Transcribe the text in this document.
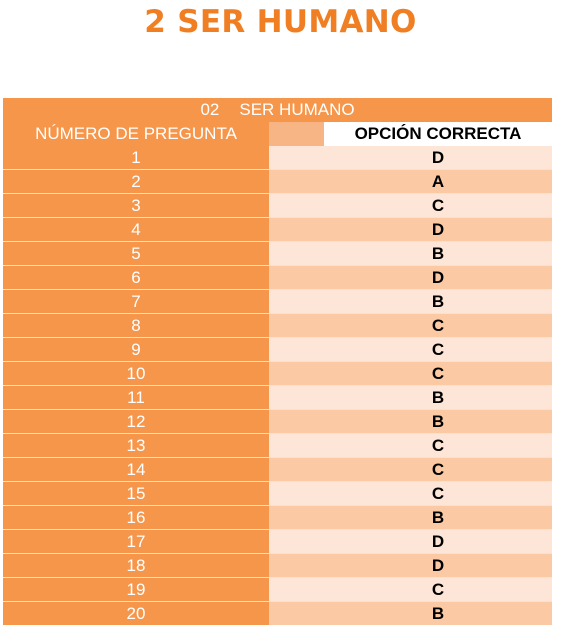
2 SER HUMANO
02 SER HUMANO		
NÚMERO DE PREGUNTA		OPCIÓN CORRECTA
1		D
2		A
3		C
4		D
5		B
6		D
7		B
8		C
9		C
10		C
11		B
12		B
13		C
14		C
15		C
16		B
17		D
18		D
19		C
20		B
